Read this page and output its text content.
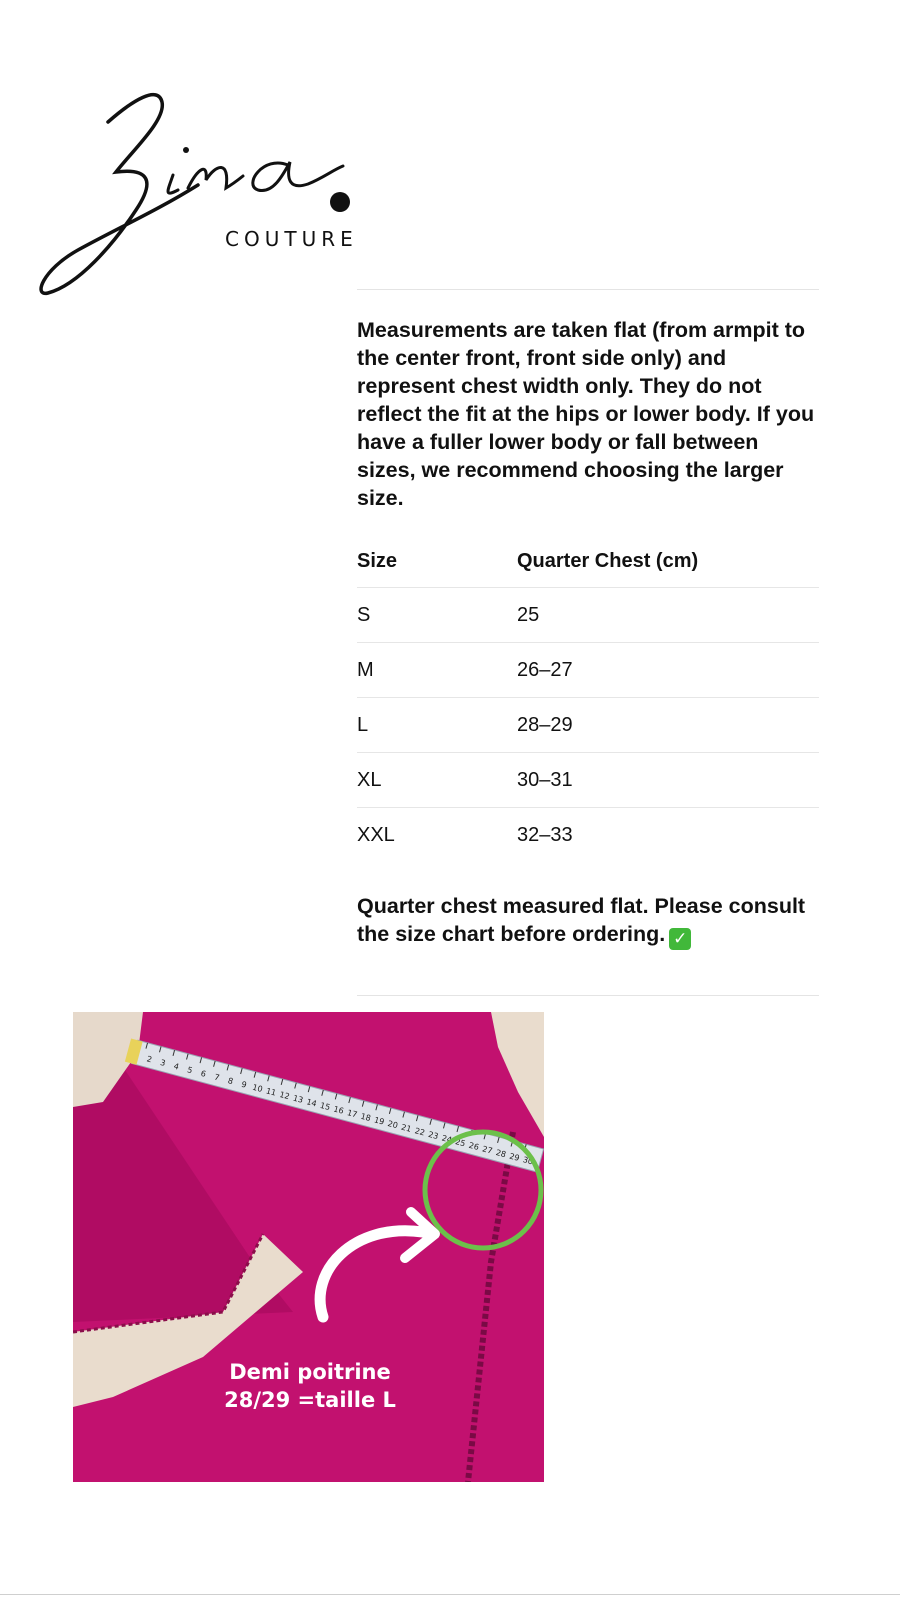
COUTURE

Measurements are taken flat (from armpit to the center front, front side only) and represent chest width only. They do not reflect the fit at the hips or lower body. If you have a fuller lower body or fall between sizes, we recommend choosing the larger size.

Size	Quarter Chest (cm)
S	25
M	26–27
L	28–29
XL	30–31
XXL	32–33

Quarter chest measured flat. Please consult the size chart before ordering. ✓

2 3 4 5 6 7 8 9 10 11 12 13 14 15 16 17 18 19 20 21 22 23 24 25 26 27 28 29 30
Demi poitrine
28/29 =taille L
